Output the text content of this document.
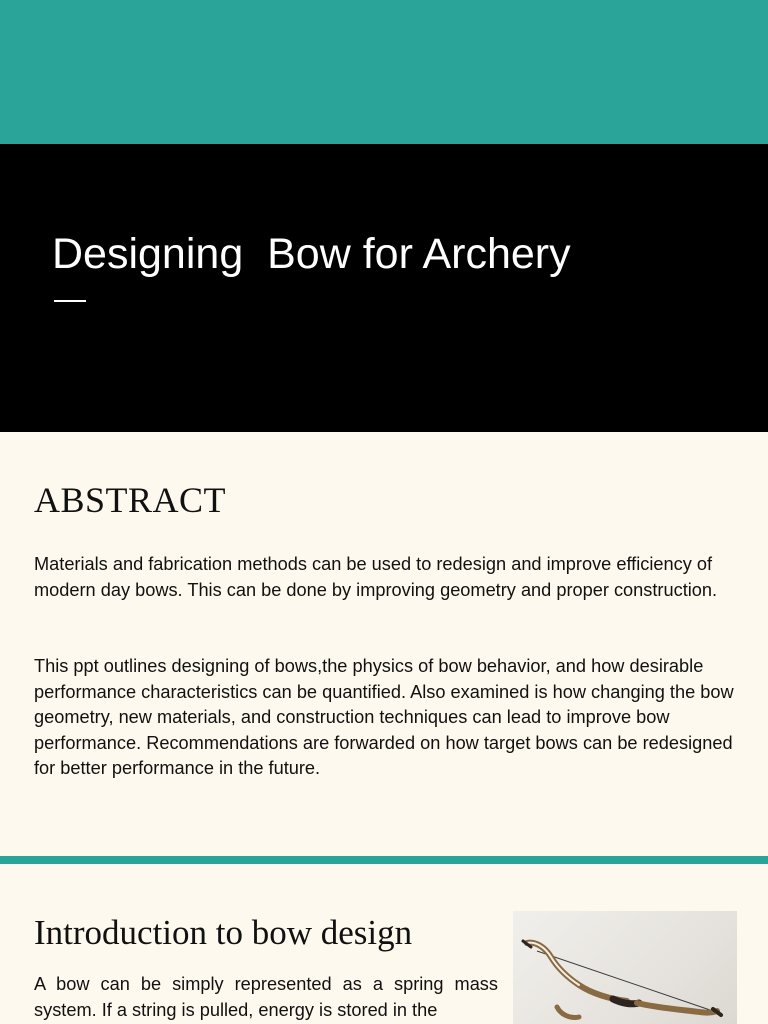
Designing  Bow for Archery
ABSTRACT

Materials and fabrication methods can be used to redesign and improve efficiency of modern day bows. This can be done by improving geometry and proper construction.

This ppt outlines designing of bows,the physics of bow behavior, and how desirable performance characteristics can be quantified. Also examined is how changing the bow geometry, new materials, and construction techniques can lead to improve bow performance. Recommendations are forwarded on how target bows can be redesigned for better performance in the future.

Introduction to bow design

A bow can be simply represented as a spring mass system. If a string is pulled, energy is stored in the
